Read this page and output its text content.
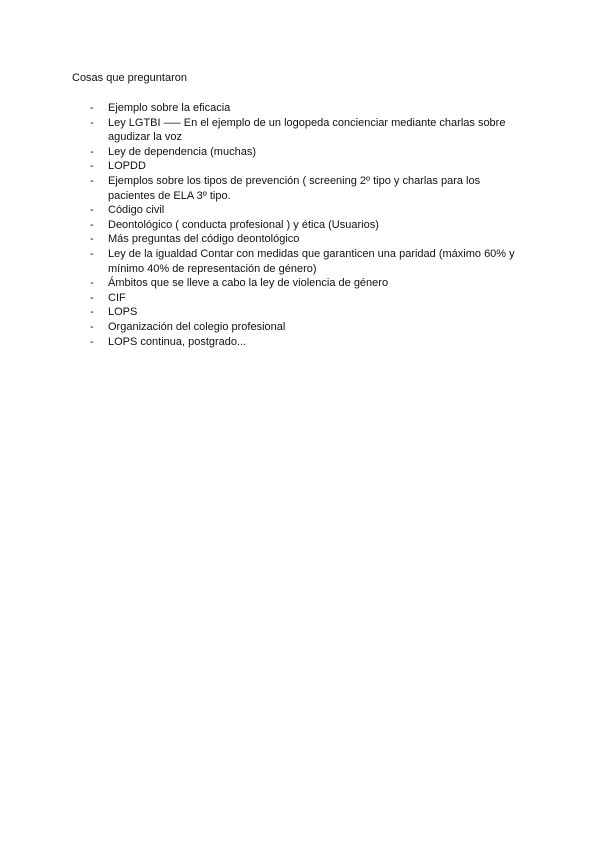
Cosas que preguntaron

- Ejemplo sobre la eficacia
- Ley LGTBI —– En el ejemplo de un logopeda concienciar mediante charlas sobre agudizar la voz
- Ley de dependencia (muchas)
- LOPDD
- Ejemplos sobre los tipos de prevención ( screening 2º tipo y charlas para los pacientes de ELA 3º tipo.
- Código civil
- Deontológico ( conducta profesional ) y ética (Usuarios)
- Más preguntas del código deontológico
- Ley de la igualdad Contar con medidas que garanticen una paridad (máximo 60% y mínimo 40% de representación de género)
- Ámbitos que se lleve a cabo la ley de violencia de género
- CIF
- LOPS
- Organización del colegio profesional
- LOPS continua, postgrado...
